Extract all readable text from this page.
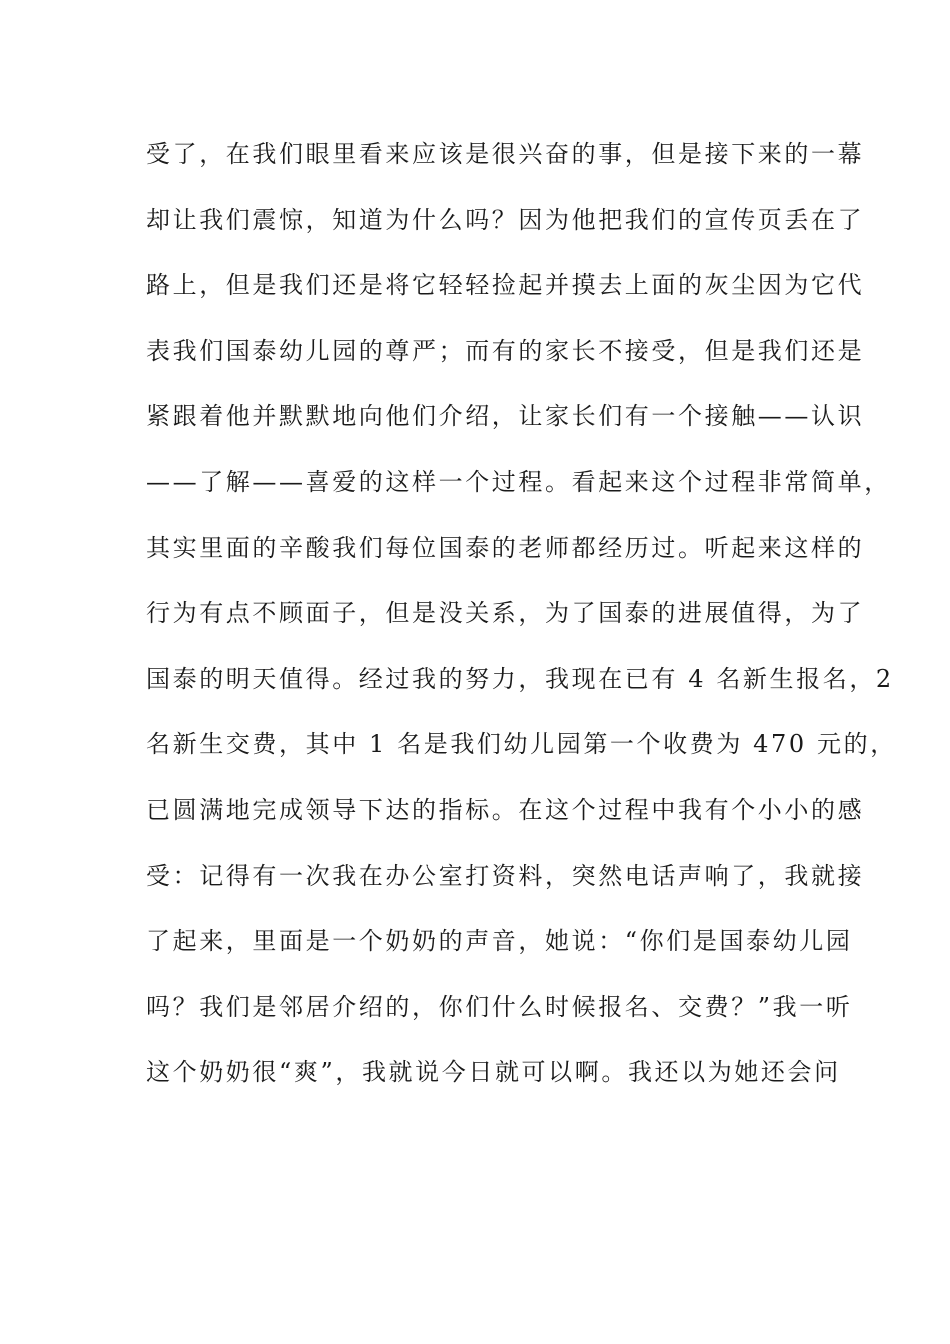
受了，在我们眼里看来应该是很兴奋的事，但是接下来的一幕
却让我们震惊，知道为什么吗？因为他把我们的宣传页丢在了
路上，但是我们还是将它轻轻捡起并摸去上面的灰尘因为它代
表我们国泰幼儿园的尊严；而有的家长不接受，但是我们还是
紧跟着他并默默地向他们介绍，让家长们有一个接触——认识
——了解——喜爱的这样一个过程。看起来这个过程非常简单，
其实里面的辛酸我们每位国泰的老师都经历过。听起来这样的
行为有点不顾面子，但是没关系，为了国泰的进展值得，为了
国泰的明天值得。经过我的努力，我现在已有 4 名新生报名，2
名新生交费，其中 1 名是我们幼儿园第一个收费为 470 元的，
已圆满地完成领导下达的指标。在这个过程中我有个小小的感
受：记得有一次我在办公室打资料，突然电话声响了，我就接
了起来，里面是一个奶奶的声音，她说：“你们是国泰幼儿园
吗？我们是邻居介绍的，你们什么时候报名、交费？”我一听
这个奶奶很“爽”，我就说今日就可以啊。我还以为她还会问
